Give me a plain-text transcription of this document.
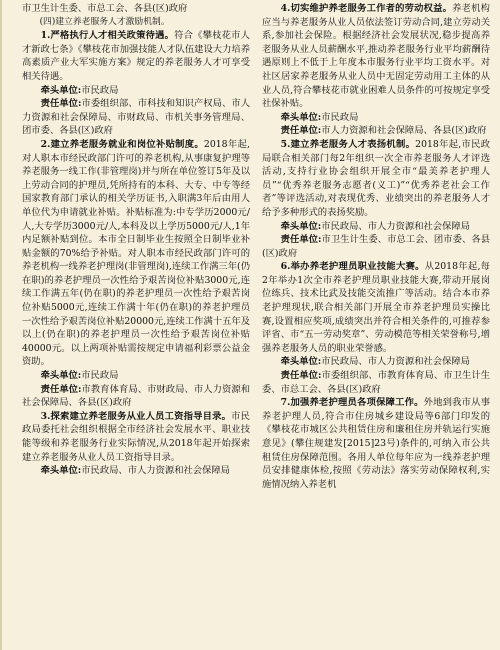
市卫生计生委、市总工会、各县(区)政府

(四)建立养老服务人才激励机制。

1.严格执行人才相关政策待遇。符合《攀枝花市人才新政七条》《攀枝花市加强技能人才队伍建设大力培养高素质产业大军实施方案》规定的养老服务人才可享受相关待遇。

牵头单位:市民政局

责任单位:市委组织部、市科技和知识产权局、市人力资源和社会保障局、市财政局、市机关事务管理局、团市委、各县(区)政府

2.建立养老服务就业和岗位补贴制度。2018年起,对人职本市经民政部门许可的养老机构,从事康复护理等养老服务一线工作(非管理岗)并与所在单位签订5年及以上劳动合同的护理员,凭所持有的本科、大专、中专等经国家教育部门承认的相关学历证书,入职满3年后由用人单位代为申请就业补贴。补贴标准为:中专学历2000元/人,大专学历3000元/人,本科及以上学历5000元/人,1年内足额补贴到位。本市全日制毕业生按照全日制毕业补贴金额的70%给予补贴。对人职本市经民政部门许可的养老机构一线养老护理岗(非管理岗),连续工作满三年(仍在职)的养老护理员一次性给予艰苦岗位补贴3000元,连续工作满五年(仍在职)的养老护理员一次性给予艰苦岗位补贴5000元,连续工作满十年(仍在职)的养老护理员一次性给予艰苦岗位补贴20000元,连续工作满十五年及以上(仍在职)的养老护理员一次性给予艰苦岗位补贴40000元。以上两项补贴需按规定申请福利彩票公益金资助。

牵头单位:市民政局

责任单位:市教育体育局、市财政局、市人力资源和社会保障局、各县(区)政府

3.探索建立养老服务从业人员工资指导目录。市民政局委托社会组织根据全市经济社会发展水平、职业技能等级和养老服务行业实际情况,从2018年起开始探索建立养老服务从业人员工资指导目录。

牵头单位:市民政局、市人力资源和社会保障局

4.切实维护养老服务工作者的劳动权益。养老机构应当与养老服务从业人员依法签订劳动合同,建立劳动关系,参加社会保险。根据经济社会发展状况,稳步提高养老服务从业人员薪酬水平,推动养老服务行业平均薪酬待遇原则上不低于上年度本市服务行业平均工资水平。对社区居家养老服务从业人员中无固定劳动用工主体的从业人员,符合攀枝花市就业困难人员条件的可按规定享受社保补贴。

牵头单位:市民政局

责任单位:市人力资源和社会保障局、各县(区)政府

5.建立养老服务人才表扬机制。2018年起,市民政局联合相关部门每2年组织一次全市养老服务人才评选活动,支持行业协会组织开展全市“最美养老护理人员”“优秀养老服务志愿者(义工)”“优秀养老社会工作者”等评选活动,对表现优秀、业绩突出的养老服务人才给予多种形式的表扬奖励。

牵头单位:市民政局、市人力资源和社会保障局

责任单位:市卫生计生委、市总工会、团市委、各县(区)政府

6.举办养老护理员职业技能大赛。从2018年起,每2年举办1次全市养老护理员职业技能大赛,带动开展岗位练兵、技术比武及技能交流推广等活动。结合本市养老护理现状,联合相关部门开展全市养老护理员实操比赛,设置相应奖项,成绩突出并符合相关条件的,可推荐参评省、市“五一劳动奖章”、劳动模范等相关荣誉称号,增强养老服务人员的职业荣誉感。

牵头单位:市民政局、市人力资源和社会保障局

责任单位:市委组织部、市教育体育局、市卫生计生委、市总工会、各县(区)政府

7.加强养老护理员各项保障工作。外地到我市从事养老护理人员,符合市住房城乡建设局等6部门印发的《攀枝花市城区公共租赁住房和廉租住房并轨运行实施意见》(攀住规建发[2015]23号)条件的,可纳入市公共租赁住房保障范围。各用人单位每年应为一线养老护理员安排健康体检,按照《劳动法》落实劳动保障权利,实施情况纳入养老机
